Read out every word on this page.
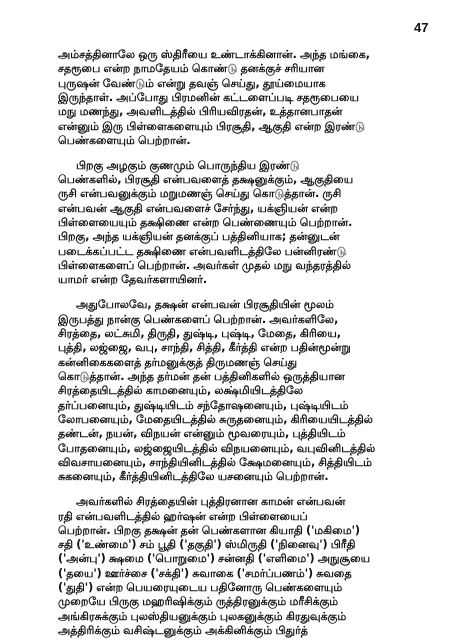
47
அம்சத்தினாலே ஒரு ஸ்திரீயை உண்டாக்கினான். அந்த மங்கை,
சதரூபை என்ற நாமதேயம் கொண்டு தனக்குச் சரியான
புருஷன் வேண்டும் என்று தவஞ் செய்து, தூய்மையாக
இருந்தாள். அப்போது பிரமனின் கட்டளைப்படி சதரூபையை
மநு மணந்து, அவளிடத்தில் பிரியவிரதன், உத்தானபாதன்
என்னும் இரு பிள்ளைகளையும் பிரசூதி, ஆகுதி என்ற இரண்டு
பெண்களையும் பெற்றான்.
பிறகு அழகும் குணமும் பொருந்திய இரண்டு
பெண்களில், பிரசூதி என்பவளைத் தக்ஷனுக்கும், ஆகுதியை
ருசி என்பவனுக்கும் மறுமணஞ் செய்து கொடுத்தான். ருசி
என்பவன் ஆகுதி என்பவளைச் சேர்ந்து, யக்ஞியன் என்ற
பிள்ளையையும் தக்ஷிணை என்ற பெண்ணையும் பெற்றான்.
பிறகு, அந்த யக்ஞியன் தனக்குப் பத்தினியாக; தன்னுடன்
படைக்கப்பட்ட தக்ஷிணை என்பவளிடத்திலே பன்னிரண்டு
பிள்ளைகளைப் பெற்றான். அவர்கள் முதல் மநு வந்தரத்தில்
யாமர் என்ற தேவர்களாயினர்.
அதுபோலவே, தக்ஷன் என்பவன் பிரசூதியின் மூலம்
இருபத்து நான்கு பெண்களைப் பெற்றான். அவர்களிலே,
சிரத்தை, லட்சுமி, திருதி, துஷ்டி, புஷ்டி, மேதை, கிரியை,
புத்தி, லஜ்ஜை, வபு, சாந்தி, சித்தி, கீர்த்தி என்ற பதின்மூன்று
கன்னிகைகளைத் தர்மனுக்குத் திருமணஞ் செய்து
கொடுத்தான். அந்த தர்மன் தன் பத்தினிகளில் ஒருத்தியான
சிரத்தையிடத்தில் காமனையும், லக்ஷ்மியிடத்திலே
தர்ப்பனையும், துஷ்டியிடம் சந்தோஷனையும், புஷ்டியிடம்
லோபனையும், மேதையிடத்தில் சுருதனையும், கிரியையிடத்தில்
தண்டன், நயன், விநயன் என்னும் மூவரையும், புத்தியிடம்
போதனையும், லஜ்ஜையிடத்தில் விநயனையும், வபுவினிடத்தில்
விவசாயனையும், சாந்தியினிடத்தில் க்ஷேமனையும், சித்தியிடம்
சுகனையும், கீர்த்தியினிடத்திலே யசனையும் பெற்றான்.
அவர்களில் சிரத்தையின் புத்திரனான காமன் என்பவன்
ரதி என்பவளிடத்தில் ஹர்ஷன் என்ற பிள்ளையைப்
பெற்றான். பிறகு தக்ஷன் தன் பெண்களான கியாதி ('மகிமை')
சதி ('உண்மை') சம் பூதி ('தகுதி') ஸ்மிருதி ('நினைவு') பிரீதி
('அன்பு') க்ஷமை ('பொறுமை') சன்னதி ('எளிமை') அநுசூயை
('தயை') ஊர்ச்சை ('சக்தி') சுவாகை ('சமர்ப்பணம்') சுவதை
('துதி') என்ற பெயரையுடைய பதினோரு பெண்களையும்
முறையே பிருகு மஹரிஷிக்கும் ருத்திரனுக்கும் மரீசிக்கும்
அங்கிரசுக்கும் புலஸ்தியனுக்கும் புலகனுக்கும் கிரதுவுக்கும்
அத்திரிக்கும் வசிஷ்டனுக்கும் அக்கினிக்கும் பிதுர்த்
